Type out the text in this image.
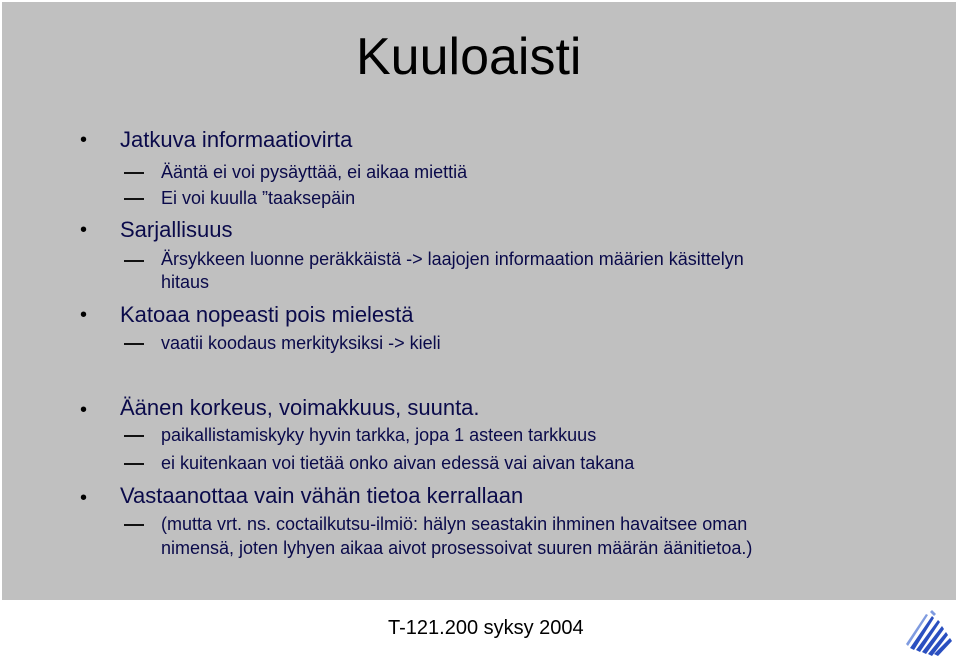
Kuuloaisti
• Jatkuva informaatiovirta
Ääntä ei voi pysäyttää, ei aikaa miettiä
Ei voi kuulla ”taaksepäin
• Sarjallisuus
Ärsykkeen luonne peräkkäistä -> laajojen informaation määrien käsittelyn
hitaus
• Katoaa nopeasti pois mielestä
vaatii koodaus merkityksiksi -> kieli
• Äänen korkeus, voimakkuus, suunta.
paikallistamiskyky hyvin tarkka, jopa 1 asteen tarkkuus
ei kuitenkaan voi tietää onko aivan edessä vai aivan takana
• Vastaanottaa vain vähän tietoa kerrallaan
(mutta vrt. ns. coctailkutsu-ilmiö: hälyn seastakin ihminen havaitsee oman
nimensä, joten lyhyen aikaa aivot prosessoivat suuren määrän äänitietoa.)
T-121.200 syksy 2004
